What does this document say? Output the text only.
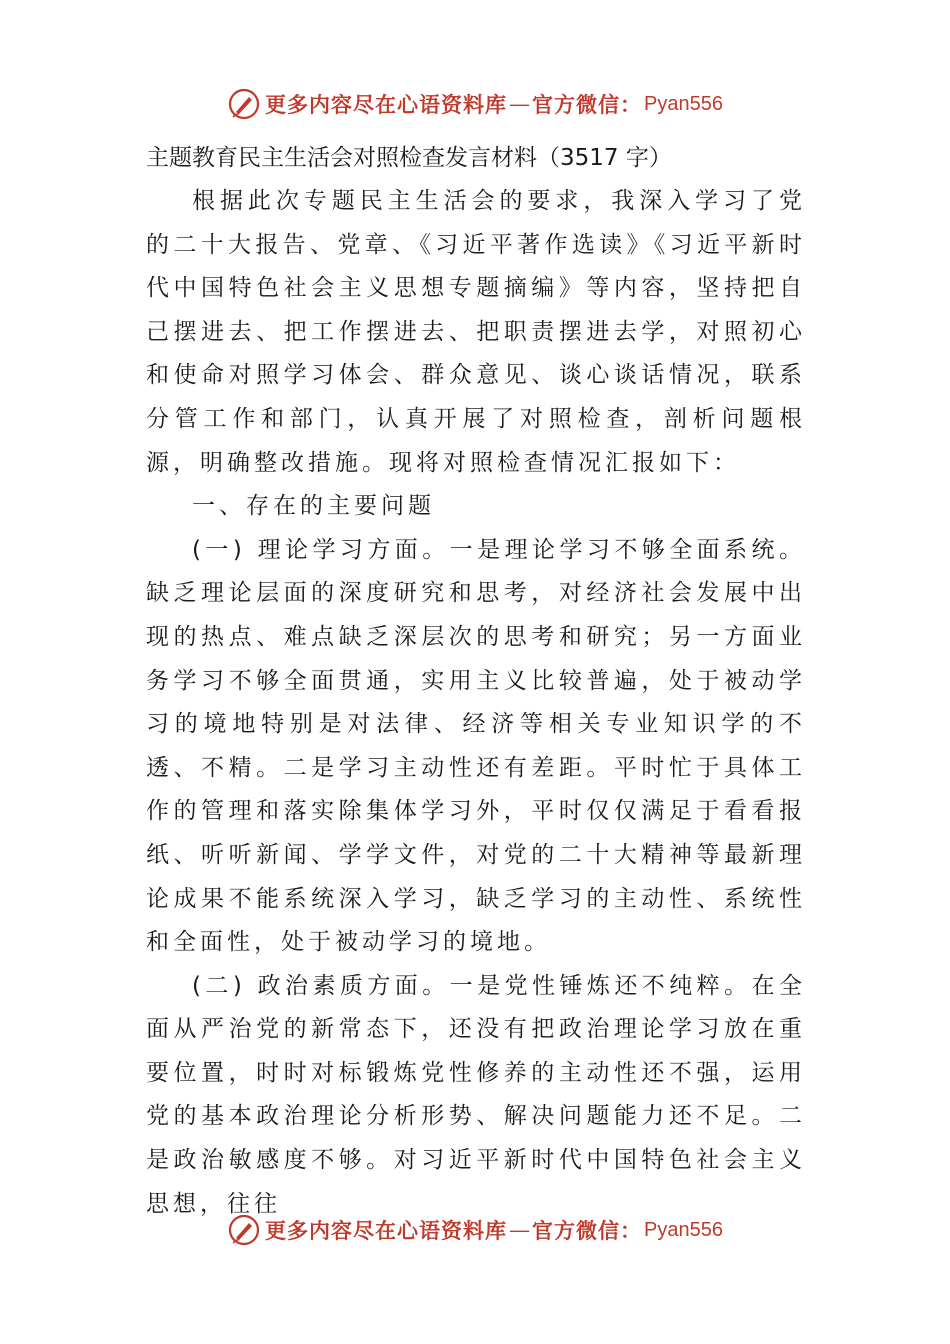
更多内容尽在心语资料库 — 官方微信： Pyan556

主题教育民主生活会对照检查发言材料（3517 字）

根据此次专题民主生活会的要求，我深入学习了党的二十大报告、党章、《习近平著作选读》《习近平新时代中国特色社会主义思想专题摘编》等内容，坚持把自己摆进去、把工作摆进去、把职责摆进去学，对照初心和使命对照学习体会、群众意见、谈心谈话情况，联系分管工作和部门，认真开展了对照检查，剖析问题根源，明确整改措施。现将对照检查情况汇报如下：

一、存在的主要问题

(一) 理论学习方面。一是理论学习不够全面系统。缺乏理论层面的深度研究和思考，对经济社会发展中出现的热点、难点缺乏深层次的思考和研究；另一方面业务学习不够全面贯通，实用主义比较普遍，处于被动学习的境地特别是对法律、经济等相关专业知识学的不透、不精。二是学习主动性还有差距。平时忙于具体工作的管理和落实除集体学习外，平时仅仅满足于看看报纸、听听新闻、学学文件，对党的二十大精神等最新理论成果不能系统深入学习，缺乏学习的主动性、系统性和全面性，处于被动学习的境地。

(二) 政治素质方面。一是党性锤炼还不纯粹。在全面从严治党的新常态下，还没有把政治理论学习放在重要位置，时时对标锻炼党性修养的主动性还不强，运用党的基本政治理论分析形势、解决问题能力还不足。二是政治敏感度不够。对习近平新时代中国特色社会主义思想，往往

更多内容尽在心语资料库 — 官方微信： Pyan556
